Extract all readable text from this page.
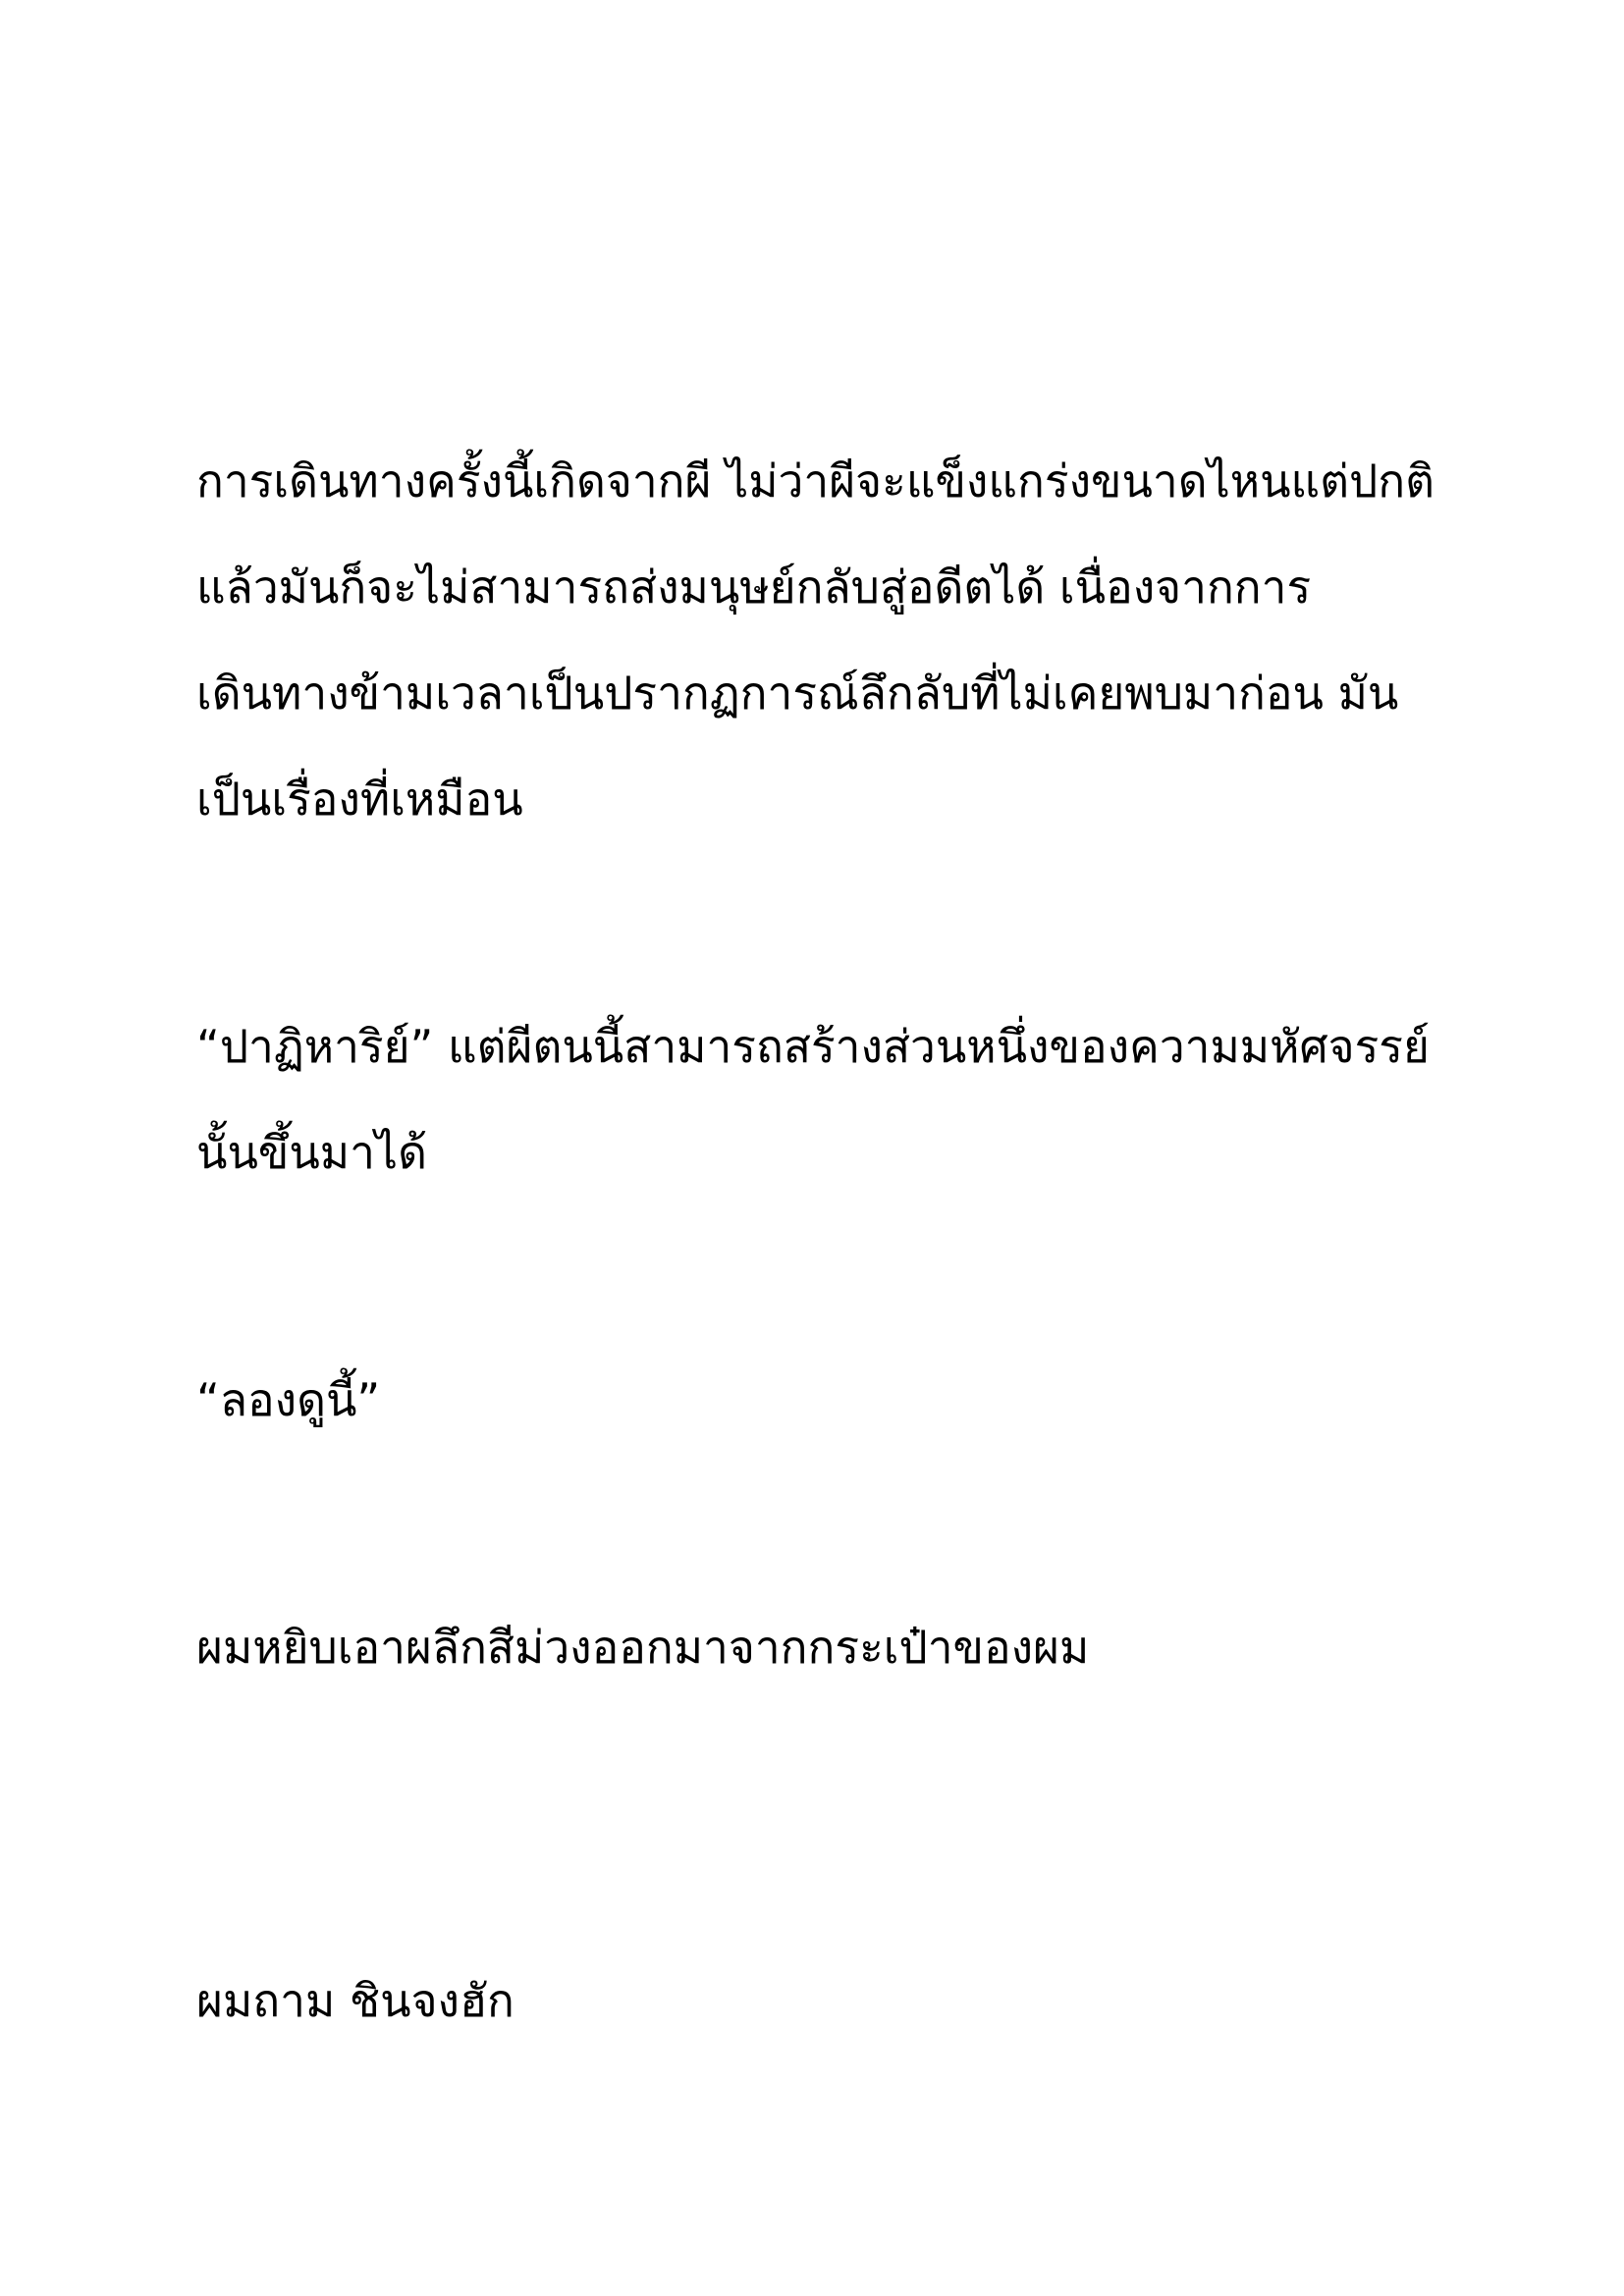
การเดินทางครั้งนี้เกิดจากผี ไม่ว่าผีจะแข็งแกร่งขนาดไหนแต่ปกติ

แล้วมันก็จะไม่สามารถส่งมนุษย์กลับสู่อดีตได้ เนื่องจากการ

เดินทางข้ามเวลาเป็นปรากฏการณ์ลึกลับที่ไม่เคยพบมาก่อน มัน

เป็นเรื่องที่เหมือน

“ปาฏิหาริย์” แต่ผีตนนี้สามารถสร้างส่วนหนึ่งของความมหัศจรรย์

นั้นขึ้นมาได้

“ลองดูนี้”

ผมหยิบเอาผลึกสีม่วงออกมาจากกระเป๋าของผม

ผมถาม ชินจงฮัก
